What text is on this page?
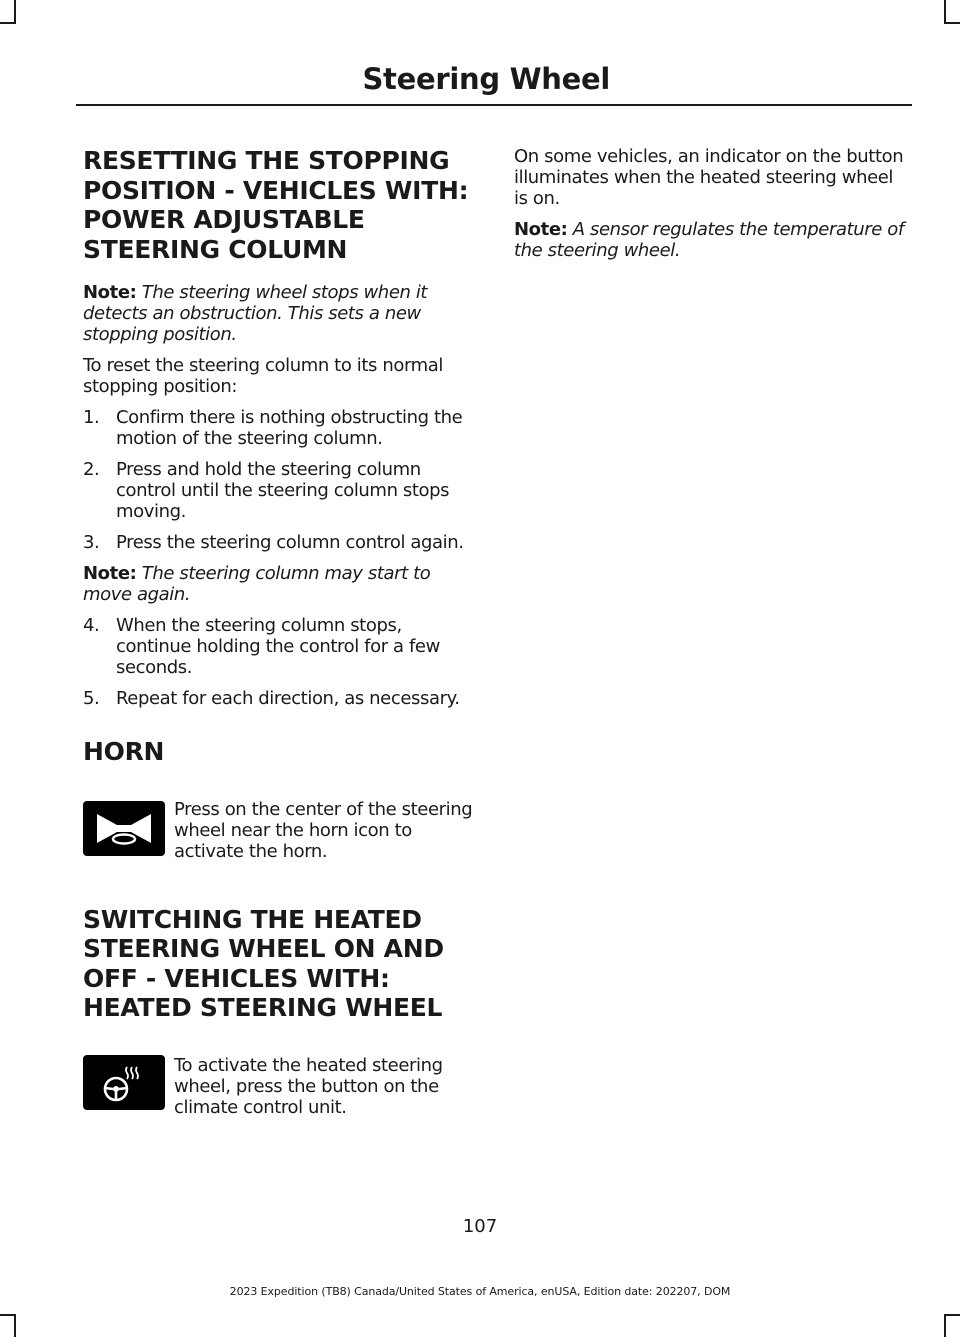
Steering Wheel
RESETTING THE STOPPING POSITION - VEHICLES WITH: POWER ADJUSTABLE STEERING COLUMN

Note: The steering wheel stops when it detects an obstruction. This sets a new stopping position.

To reset the steering column to its normal stopping position:

1. Confirm there is nothing obstructing the motion of the steering column.
2. Press and hold the steering column control until the steering column stops moving.
3. Press the steering column control again.

Note: The steering column may start to move again.

4. When the steering column stops, continue holding the control for a few seconds.
5. Repeat for each direction, as necessary.
HORN

Press on the center of the steering wheel near the horn icon to activate the horn.

SWITCHING THE HEATED STEERING WHEEL ON AND OFF - VEHICLES WITH: HEATED STEERING WHEEL

To activate the heated steering wheel, press the button on the climate control unit.

On some vehicles, an indicator on the button illuminates when the heated steering wheel is on.

Note: A sensor regulates the temperature of the steering wheel.

107
2023 Expedition (TB8) Canada/United States of America, enUSA, Edition date: 202207, DOM
